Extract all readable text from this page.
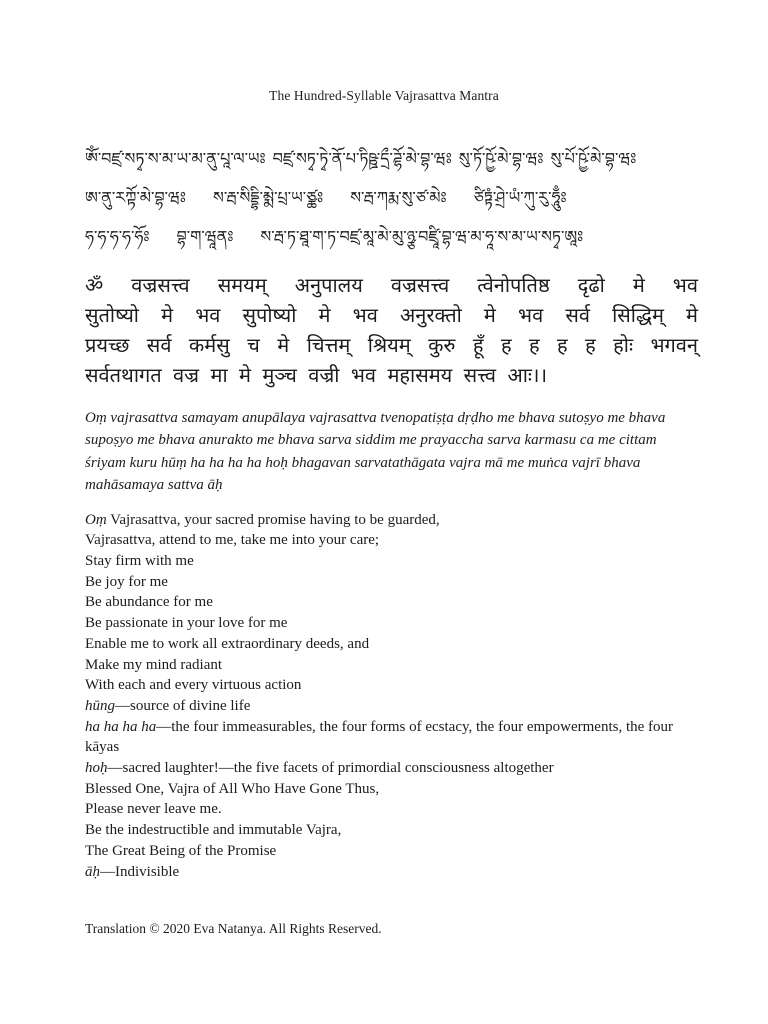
The Hundred-Syllable Vajrasattva Mantra
ཨོཾ་བཛྲ་སཏྭ་ས་མ་ཡ་མ་ནུ་པཱ་ལ་ཡཿ བཛྲ་སཏྭ་ཏྭེ་ནོ་པ་ཏིཥྛ་དྲྀ་ཌྷོ་མེ་བྷ་ཝཿ སུ་ཏོ་ཥྱོ་མེ་བྷ་ཝཿ སུ་པོ་ཥྱོ་མེ་བྷ་ཝཿ
ཨ་ནུ་རཀྟོ་མེ་བྷ་ཝཿ ས་རྦ་སིདྡྷི་མྨེ་པྲ་ཡ་ཙྪཿ ས་རྦ་ཀརྨ་སུ་ཙ་མེཿ ཙིཏྟཾ་ཤྲེ་ཡཾ་ཀུ་རུ་ཧཱུྃཿ
ཧ་ཧ་ཧ་ཧ་ཧོཿ བྷ་ག་ཝཱནཿ ས་རྦ་ཏ་ཐཱ་ག་ཏ་བཛྲ་མཱ་མེ་མུ་ཉྩ་བཛྲཱི་བྷ་ཝ་མ་ཧཱ་ས་མ་ཡ་སཏྭ་ཨཱཿ
ॐ वज्रसत्त्व समयम् अनुपालय वज्रसत्त्व त्वेनोपतिष्ठ दृढो मे भव
सुतोष्यो मे भव सुपोष्यो मे भव अनुरक्तो मे भव सर्व सिद्धिम् मे
प्रयच्छ सर्व कर्मसु च मे चित्तम् श्रियम् कुरु हूँ ह ह ह ह होः भगवन्
सर्वतथागत वज्र मा मे मुञ्च वज्री भव महासमय सत्त्व आः।।
Oṃ vajrasattva samayam anupālaya vajrasattva tvenopatiṣṭa dṛḍho me bhava sutoṣyo me bhava
supoṣyo me bhava anurakto me bhava sarva siddim me prayaccha sarva karmasu ca me cittam
śriyam kuru hūṃ ha ha ha ha hoḥ bhagavan sarvatathāgata vajra mā me muṅca vajrī bhava
mahāsamaya sattva āḥ
Oṃ Vajrasattva, your sacred promise having to be guarded,
Vajrasattva, attend to me, take me into your care;
Stay firm with me
Be joy for me
Be abundance for me
Be passionate in your love for me
Enable me to work all extraordinary deeds, and
Make my mind radiant
With each and every virtuous action
hūng—source of divine life
ha ha ha ha—the four immeasurables, the four forms of ecstacy, the four empowerments, the four
kāyas
hoḥ—sacred laughter!—the five facets of primordial consciousness altogether
Blessed One, Vajra of All Who Have Gone Thus,
Please never leave me.
Be the indestructible and immutable Vajra,
The Great Being of the Promise
āḥ—Indivisible
Translation © 2020 Eva Natanya. All Rights Reserved.
